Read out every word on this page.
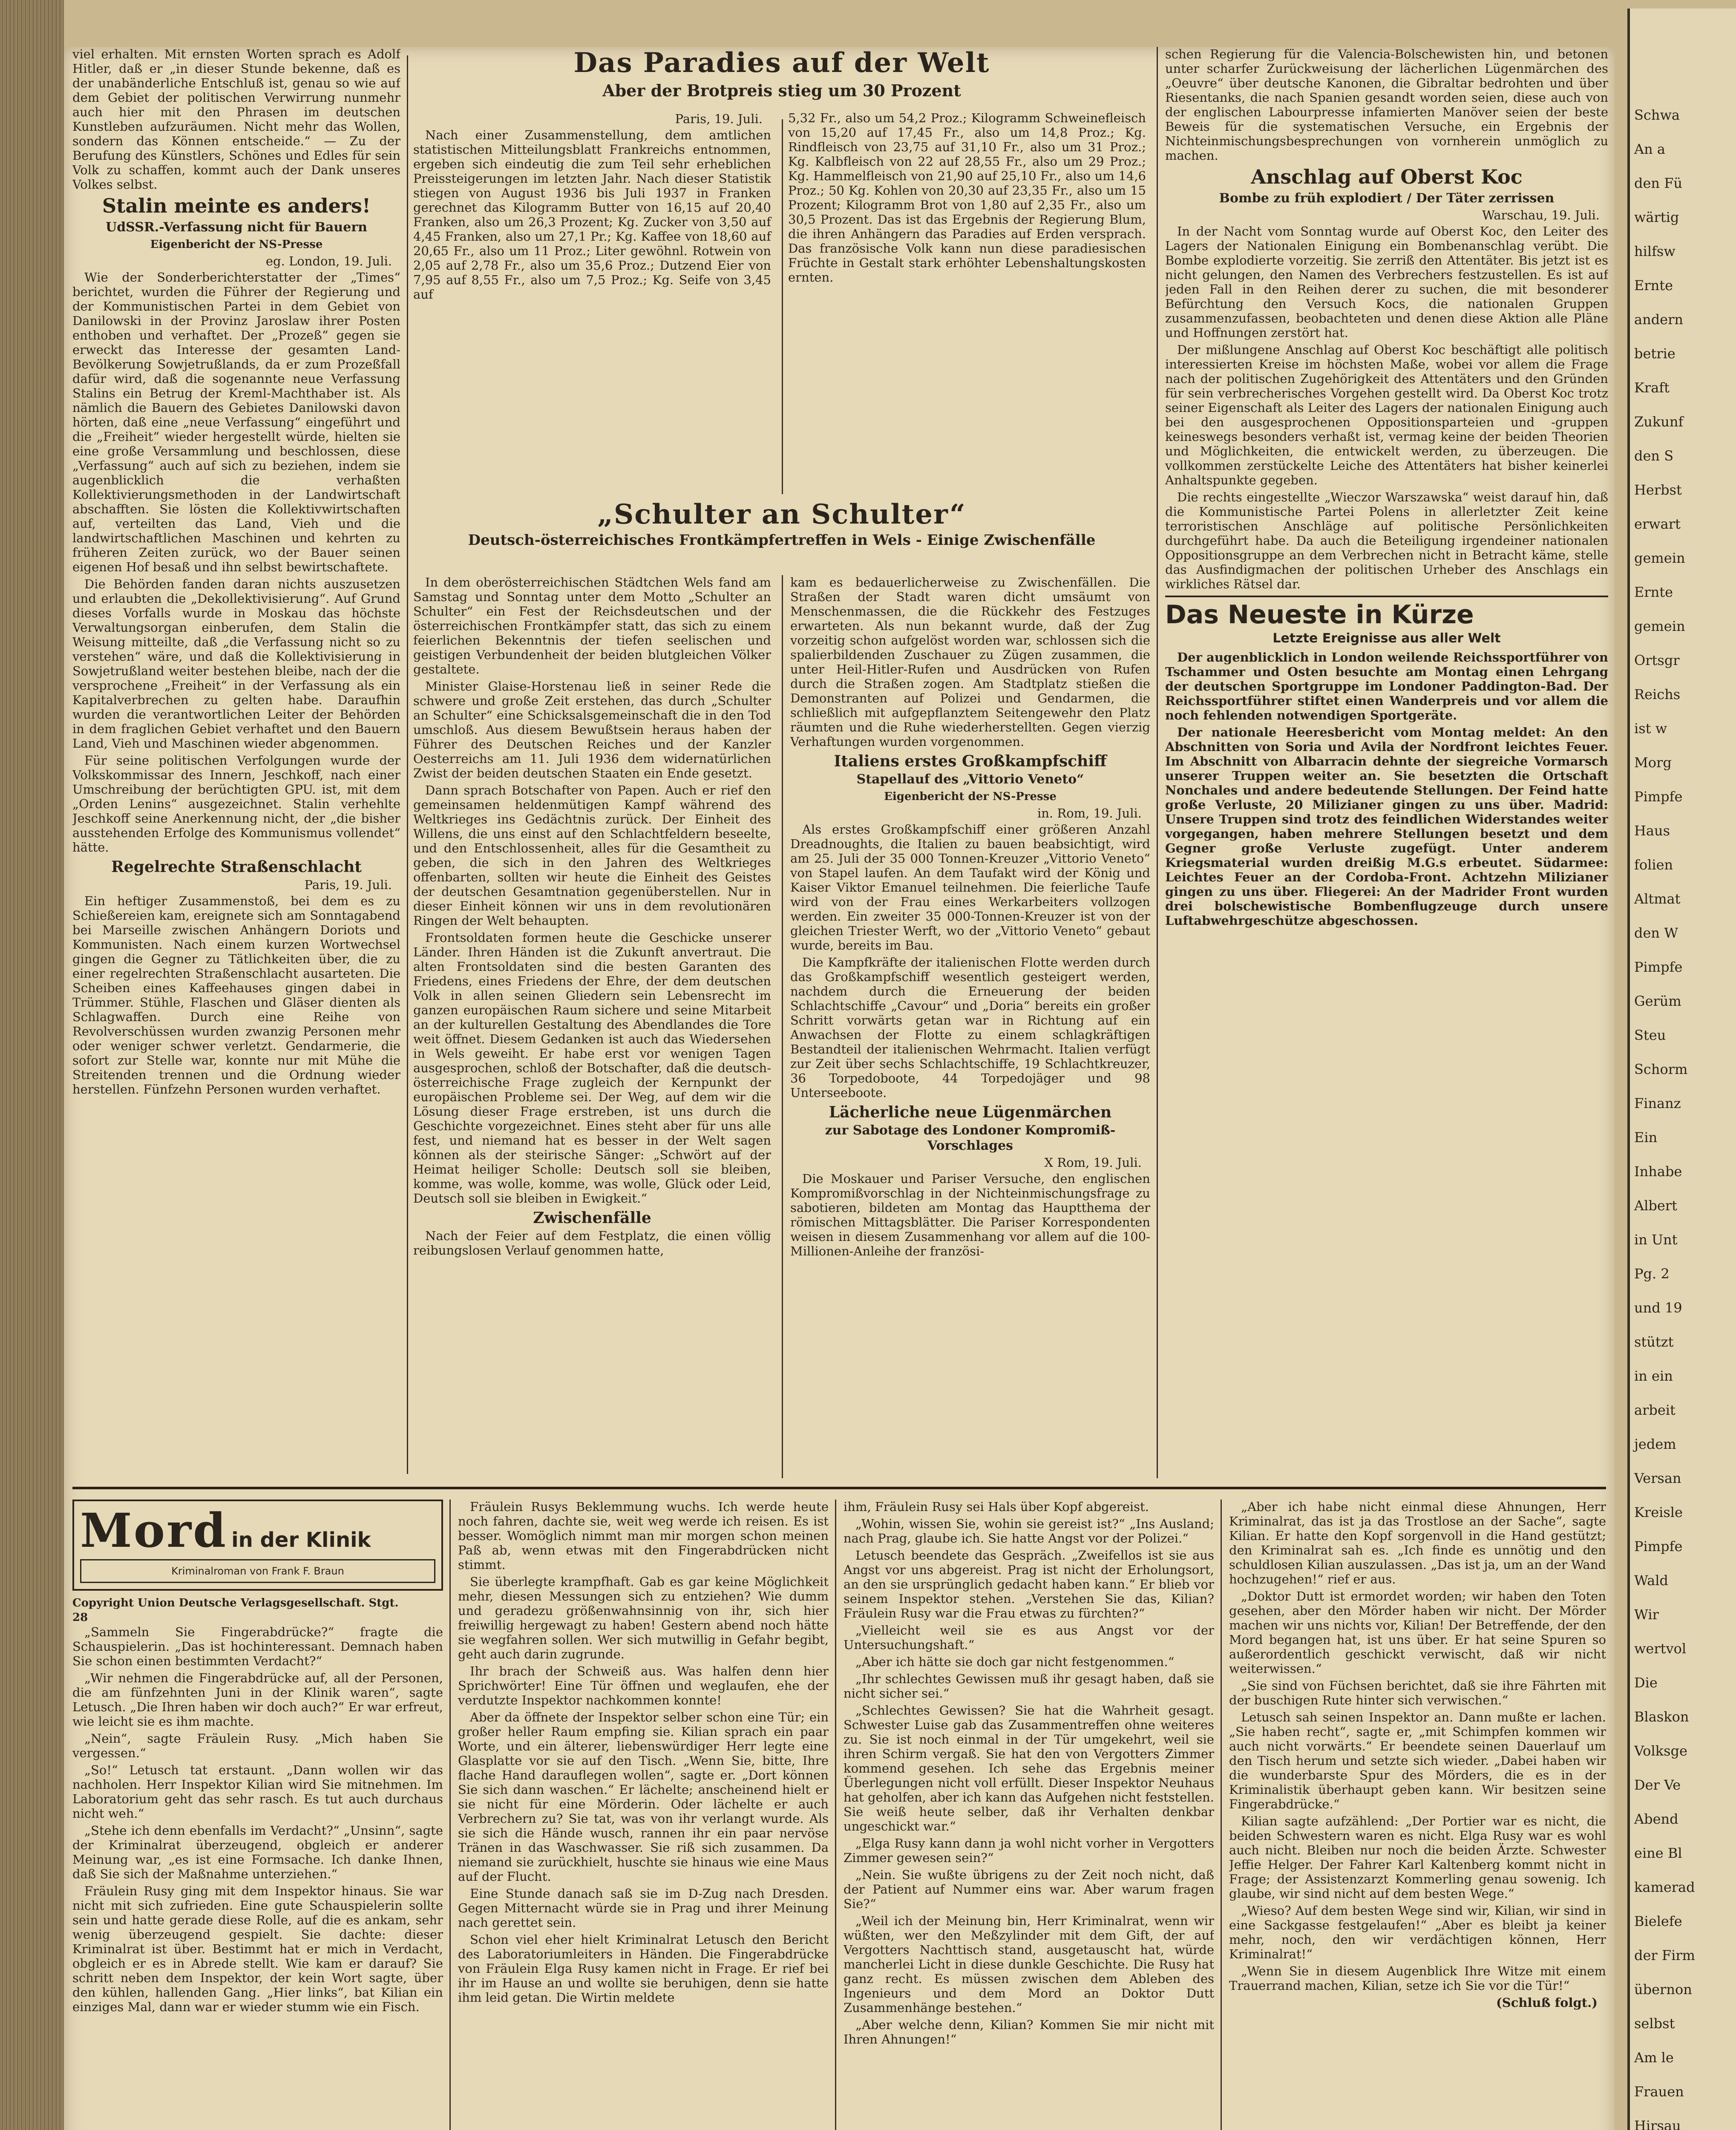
viel erhalten. Mit ernsten Worten sprach es Adolf Hitler, daß er „in dieser Stunde bekenne, daß es der unabänderliche Entschluß ist, genau so wie auf dem Gebiet der politischen Verwirrung nunmehr auch hier mit den Phrasen im deutschen Kunstleben aufzuräumen. Nicht mehr das Wollen, sondern das Können entscheide.“ — Zu der Berufung des Künstlers, Schönes und Edles für sein Volk zu schaffen, kommt auch der Dank unseres Volkes selbst.

Stalin meinte es anders!
UdSSR.-Verfassung nicht für Bauern
Eigenbericht der NS-Presse
eg. London, 19. Juli.

Wie der Sonderberichterstatter der „Times“ berichtet, wurden die Führer der Regierung und der Kommunistischen Partei in dem Gebiet von Danilowski in der Provinz Jaroslaw ihrer Posten enthoben und verhaftet. Der „Prozeß“ gegen sie erweckt das Interesse der gesamten Land-Bevölkerung Sowjetrußlands, da er zum Prozeßfall dafür wird, daß die sogenannte neue Verfassung Stalins ein Betrug der Kreml-Machthaber ist. Als nämlich die Bauern des Gebietes Danilowski davon hörten, daß eine „neue Verfassung“ eingeführt und die „Freiheit“ wieder hergestellt würde, hielten sie eine große Versammlung und beschlossen, diese „Verfassung“ auch auf sich zu beziehen, indem sie augenblicklich die verhaßten Kollektivierungsmethoden in der Landwirtschaft abschafften. Sie lösten die Kollektivwirtschaften auf, verteilten das Land, Vieh und die landwirtschaftlichen Maschinen und kehrten zu früheren Zeiten zurück, wo der Bauer seinen eigenen Hof besaß und ihn selbst bewirtschaftete.

Die Behörden fanden daran nichts auszusetzen und erlaubten die „Dekollektivisierung“. Auf Grund dieses Vorfalls wurde in Moskau das höchste Verwaltungsorgan einberufen, dem Stalin die Weisung mitteilte, daß „die Verfassung nicht so zu verstehen“ wäre, und daß die Kollektivisierung in Sowjetrußland weiter bestehen bleibe, nach der die versprochene „Freiheit“ in der Verfassung als ein Kapitalverbrechen zu gelten habe. Daraufhin wurden die verantwortlichen Leiter der Behörden in dem fraglichen Gebiet verhaftet und den Bauern Land, Vieh und Maschinen wieder abgenommen.

Für seine politischen Verfolgungen wurde der Volkskommissar des Innern, Jeschkoff, nach einer Umschreibung der berüchtigten GPU. ist, mit dem „Orden Lenins“ ausgezeichnet. Stalin verhehlte Jeschkoff seine Anerkennung nicht, der „die bisher ausstehenden Erfolge des Kommunismus vollendet“ hätte.

Regelrechte Straßenschlacht
Paris, 19. Juli.

Ein heftiger Zusammenstoß, bei dem es zu Schießereien kam, ereignete sich am Sonntagabend bei Marseille zwischen Anhängern Doriots und Kommunisten. Nach einem kurzen Wortwechsel gingen die Gegner zu Tätlichkeiten über, die zu einer regelrechten Straßenschlacht ausarteten. Die Scheiben eines Kaffeehauses gingen dabei in Trümmer. Stühle, Flaschen und Gläser dienten als Schlagwaffen. Durch eine Reihe von Revolverschüssen wurden zwanzig Personen mehr oder weniger schwer verletzt. Gendarmerie, die sofort zur Stelle war, konnte nur mit Mühe die Streitenden trennen und die Ordnung wieder herstellen. Fünfzehn Personen wurden verhaftet.

Das Paradies auf der Welt
Aber der Brotpreis stieg um 30 Prozent
Paris, 19. Juli.

Nach einer Zusammenstellung, dem amtlichen statistischen Mitteilungsblatt Frankreichs entnommen, ergeben sich eindeutig die zum Teil sehr erheblichen Preissteigerungen im letzten Jahr. Nach dieser Statistik stiegen von August 1936 bis Juli 1937 in Franken gerechnet das Kilogramm Butter von 16,15 auf 20,40 Franken, also um 26,3 Prozent; Kg. Zucker von 3,50 auf 4,45 Franken, also um 27,1 Pr.; Kg. Kaffee von 18,60 auf 20,65 Fr., also um 11 Proz.; Liter gewöhnl. Rotwein von 2,05 auf 2,78 Fr., also um 35,6 Proz.; Dutzend Eier von 7,95 auf 8,55 Fr., also um 7,5 Proz.; Kg. Seife von 3,45 auf

5,32 Fr., also um 54,2 Proz.; Kilogramm Schweinefleisch von 15,20 auf 17,45 Fr., also um 14,8 Proz.; Kg. Rindfleisch von 23,75 auf 31,10 Fr., also um 31 Proz.; Kg. Kalbfleisch von 22 auf 28,55 Fr., also um 29 Proz.; Kg. Hammelfleisch von 21,90 auf 25,10 Fr., also um 14,6 Proz.; 50 Kg. Kohlen von 20,30 auf 23,35 Fr., also um 15 Prozent; Kilogramm Brot von 1,80 auf 2,35 Fr., also um 30,5 Prozent. Das ist das Ergebnis der Regierung Blum, die ihren Anhängern das Paradies auf Erden versprach. Das französische Volk kann nun diese paradiesischen Früchte in Gestalt stark erhöhter Lebenshaltungskosten ernten.

„Schulter an Schulter“
Deutsch-österreichisches Frontkämpfertreffen in Wels - Einige Zwischenfälle

In dem oberösterreichischen Städtchen Wels fand am Samstag und Sonntag unter dem Motto „Schulter an Schulter“ ein Fest der Reichsdeutschen und der österreichischen Frontkämpfer statt, das sich zu einem feierlichen Bekenntnis der tiefen seelischen und geistigen Verbundenheit der beiden blutgleichen Völker gestaltete.

Minister Glaise-Horstenau ließ in seiner Rede die schwere und große Zeit erstehen, das durch „Schulter an Schulter“ eine Schicksalsgemeinschaft die in den Tod umschloß. Aus diesem Bewußtsein heraus haben der Führer des Deutschen Reiches und der Kanzler Oesterreichs am 11. Juli 1936 dem widernatürlichen Zwist der beiden deutschen Staaten ein Ende gesetzt.

Dann sprach Botschafter von Papen. Auch er rief den gemeinsamen heldenmütigen Kampf während des Weltkrieges ins Gedächtnis zurück. Der Einheit des Willens, die uns einst auf den Schlachtfeldern beseelte, und den Entschlossenheit, alles für die Gesamtheit zu geben, die sich in den Jahren des Weltkrieges offenbarten, sollten wir heute die Einheit des Geistes der deutschen Gesamtnation gegenüberstellen. Nur in dieser Einheit können wir uns in dem revolutionären Ringen der Welt behaupten.

Frontsoldaten formen heute die Geschicke unserer Länder. Ihren Händen ist die Zukunft anvertraut. Die alten Frontsoldaten sind die besten Garanten des Friedens, eines Friedens der Ehre, der dem deutschen Volk in allen seinen Gliedern sein Lebensrecht im ganzen europäischen Raum sichere und seine Mitarbeit an der kulturellen Gestaltung des Abendlandes die Tore weit öffnet. Diesem Gedanken ist auch das Wiedersehen in Wels geweiht. Er habe erst vor wenigen Tagen ausgesprochen, schloß der Botschafter, daß die deutsch-österreichische Frage zugleich der Kernpunkt der europäischen Probleme sei. Der Weg, auf dem wir die Lösung dieser Frage erstreben, ist uns durch die Geschichte vorgezeichnet. Eines steht aber für uns alle fest, und niemand hat es besser in der Welt sagen können als der steirische Sänger: „Schwört auf der Heimat heiliger Scholle: Deutsch soll sie bleiben, komme, was wolle, komme, was wolle, Glück oder Leid, Deutsch soll sie bleiben in Ewigkeit.“

Zwischenfälle

Nach der Feier auf dem Festplatz, die einen völlig reibungslosen Verlauf genommen hatte,

kam es bedauerlicherweise zu Zwischenfällen. Die Straßen der Stadt waren dicht umsäumt von Menschenmassen, die die Rückkehr des Festzuges erwarteten. Als nun bekannt wurde, daß der Zug vorzeitig schon aufgelöst worden war, schlossen sich die spalierbildenden Zuschauer zu Zügen zusammen, die unter Heil-Hitler-Rufen und Ausdrücken von Rufen durch die Straßen zogen. Am Stadtplatz stießen die Demonstranten auf Polizei und Gendarmen, die schließlich mit aufgepflanztem Seitengewehr den Platz räumten und die Ruhe wiederherstellten. Gegen vierzig Verhaftungen wurden vorgenommen.

Italiens erstes Großkampfschiff
Stapellauf des „Vittorio Veneto“
Eigenbericht der NS-Presse
in. Rom, 19. Juli.

Als erstes Großkampfschiff einer größeren Anzahl Dreadnoughts, die Italien zu bauen beabsichtigt, wird am 25. Juli der 35 000 Tonnen-Kreuzer „Vittorio Veneto“ von Stapel laufen. An dem Taufakt wird der König und Kaiser Viktor Emanuel teilnehmen. Die feierliche Taufe wird von der Frau eines Werkarbeiters vollzogen werden. Ein zweiter 35 000-Tonnen-Kreuzer ist von der gleichen Triester Werft, wo der „Vittorio Veneto“ gebaut wurde, bereits im Bau.

Die Kampfkräfte der italienischen Flotte werden durch das Großkampfschiff wesentlich gesteigert werden, nachdem durch die Erneuerung der beiden Schlachtschiffe „Cavour“ und „Doria“ bereits ein großer Schritt vorwärts getan war in Richtung auf ein Anwachsen der Flotte zu einem schlagkräftigen Bestandteil der italienischen Wehrmacht. Italien verfügt zur Zeit über sechs Schlachtschiffe, 19 Schlachtkreuzer, 36 Torpedoboote, 44 Torpedojäger und 98 Unterseeboote.

Lächerliche neue Lügenmärchen
zur Sabotage des Londoner Kompromiß-Vorschlages
X Rom, 19. Juli.

Die Moskauer und Pariser Versuche, den englischen Kompromißvorschlag in der Nichteinmischungsfrage zu sabotieren, bildeten am Montag das Hauptthema der römischen Mittagsblätter. Die Pariser Korrespondenten weisen in diesem Zusammenhang vor allem auf die 100-Millionen-Anleihe der französi-

schen Regierung für die Valencia-Bolschewisten hin, und betonen unter scharfer Zurückweisung der lächerlichen Lügenmärchen des „Oeuvre“ über deutsche Kanonen, die Gibraltar bedrohten und über Riesentanks, die nach Spanien gesandt worden seien, diese auch von der englischen Labourpresse infamierten Manöver seien der beste Beweis für die systematischen Versuche, ein Ergebnis der Nichteinmischungsbesprechungen von vornherein unmöglich zu machen.

Anschlag auf Oberst Koc
Bombe zu früh explodiert / Der Täter zerrissen
Warschau, 19. Juli.

In der Nacht vom Sonntag wurde auf Oberst Koc, den Leiter des Lagers der Nationalen Einigung ein Bombenanschlag verübt. Die Bombe explodierte vorzeitig. Sie zerriß den Attentäter. Bis jetzt ist es nicht gelungen, den Namen des Verbrechers festzustellen. Es ist auf jeden Fall in den Reihen derer zu suchen, die mit besonderer Befürchtung den Versuch Kocs, die nationalen Gruppen zusammenzufassen, beobachteten und denen diese Aktion alle Pläne und Hoffnungen zerstört hat.

Der mißlungene Anschlag auf Oberst Koc beschäftigt alle politisch interessierten Kreise im höchsten Maße, wobei vor allem die Frage nach der politischen Zugehörigkeit des Attentäters und den Gründen für sein verbrecherisches Vorgehen gestellt wird. Da Oberst Koc trotz seiner Eigenschaft als Leiter des Lagers der nationalen Einigung auch bei den ausgesprochenen Oppositionsparteien und -gruppen keineswegs besonders verhaßt ist, vermag keine der beiden Theorien und Möglichkeiten, die entwickelt werden, zu überzeugen. Die vollkommen zerstückelte Leiche des Attentäters hat bisher keinerlei Anhaltspunkte gegeben.

Die rechts eingestellte „Wieczor Warszawska“ weist darauf hin, daß die Kommunistische Partei Polens in allerletzter Zeit keine terroristischen Anschläge auf politische Persönlichkeiten durchgeführt habe. Da auch die Beteiligung irgendeiner nationalen Oppositionsgruppe an dem Verbrechen nicht in Betracht käme, stelle das Ausfindigmachen der politischen Urheber des Anschlags ein wirkliches Rätsel dar.

Das Neueste in Kürze
Letzte Ereignisse aus aller Welt

Der augenblicklich in London weilende Reichssportführer von Tschammer und Osten besuchte am Montag einen Lehrgang der deutschen Sportgruppe im Londoner Paddington-Bad. Der Reichssportführer stiftet einen Wanderpreis und vor allem die noch fehlenden notwendigen Sportgeräte.

Der nationale Heeresbericht vom Montag meldet: An den Abschnitten von Soria und Avila der Nordfront leichtes Feuer. Im Abschnitt von Albarracin dehnte der siegreiche Vormarsch unserer Truppen weiter an. Sie besetzten die Ortschaft Nonchales und andere bedeutende Stellungen. Der Feind hatte große Verluste, 20 Milizianer gingen zu uns über. Madrid: Unsere Truppen sind trotz des feindlichen Widerstandes weiter vorgegangen, haben mehrere Stellungen besetzt und dem Gegner große Verluste zugefügt. Unter anderem Kriegsmaterial wurden dreißig M.G.s erbeutet. Südarmee: Leichtes Feuer an der Cordoba-Front. Achtzehn Milizianer gingen zu uns über. Fliegerei: An der Madrider Front wurden drei bolschewistische Bombenflugzeuge durch unsere Luftabwehrgeschütze abgeschossen.

Mord in der Klinik
Kriminalroman von Frank F. Braun
Copyright Union Deutsche Verlagsgesellschaft. Stgt.
28

„Sammeln Sie Fingerabdrücke?“ fragte die Schauspielerin. „Das ist hochinteressant. Demnach haben Sie schon einen bestimmten Verdacht?“

„Wir nehmen die Fingerabdrücke auf, all der Personen, die am fünfzehnten Juni in der Klinik waren“, sagte Letusch. „Die Ihren haben wir doch auch?“ Er war erfreut, wie leicht sie es ihm machte.

„Nein“, sagte Fräulein Rusy. „Mich haben Sie vergessen.“

„So!“ Letusch tat erstaunt. „Dann wollen wir das nachholen. Herr Inspektor Kilian wird Sie mitnehmen. Im Laboratorium geht das sehr rasch. Es tut auch durchaus nicht weh.“

„Stehe ich denn ebenfalls im Verdacht?“ „Unsinn“, sagte der Kriminalrat überzeugend, obgleich er anderer Meinung war, „es ist eine Formsache. Ich danke Ihnen, daß Sie sich der Maßnahme unterziehen.“

Fräulein Rusy ging mit dem Inspektor hinaus. Sie war nicht mit sich zufrieden. Eine gute Schauspielerin sollte sein und hatte gerade diese Rolle, auf die es ankam, sehr wenig überzeugend gespielt. Sie dachte: dieser Kriminalrat ist über. Bestimmt hat er mich in Verdacht, obgleich er es in Abrede stellt. Wie kam er darauf? Sie schritt neben dem Inspektor, der kein Wort sagte, über den kühlen, hallenden Gang. „Hier links“, bat Kilian ein einziges Mal, dann war er wieder stumm wie ein Fisch.

Fräulein Rusys Beklemmung wuchs. Ich werde heute noch fahren, dachte sie, weit weg werde ich reisen. Es ist besser. Womöglich nimmt man mir morgen schon meinen Paß ab, wenn etwas mit den Fingerabdrücken nicht stimmt.

Sie überlegte krampfhaft. Gab es gar keine Möglichkeit mehr, diesen Messungen sich zu entziehen? Wie dumm und geradezu größenwahnsinnig von ihr, sich hier freiwillig hergewagt zu haben! Gestern abend noch hätte sie wegfahren sollen. Wer sich mutwillig in Gefahr begibt, geht auch darin zugrunde.

Ihr brach der Schweiß aus. Was halfen denn hier Sprichwörter! Eine Tür öffnen und weglaufen, ehe der verdutzte Inspektor nachkommen konnte!

Aber da öffnete der Inspektor selber schon eine Tür; ein großer heller Raum empfing sie. Kilian sprach ein paar Worte, und ein älterer, liebenswürdiger Herr legte eine Glasplatte vor sie auf den Tisch. „Wenn Sie, bitte, Ihre flache Hand darauflegen wollen“, sagte er. „Dort können Sie sich dann waschen.“ Er lächelte; anscheinend hielt er sie nicht für eine Mörderin. Oder lächelte er auch Verbrechern zu? Sie tat, was von ihr verlangt wurde. Als sie sich die Hände wusch, rannen ihr ein paar nervöse Tränen in das Waschwasser. Sie riß sich zusammen. Da niemand sie zurückhielt, huschte sie hinaus wie eine Maus auf der Flucht.

Eine Stunde danach saß sie im D-Zug nach Dresden. Gegen Mitternacht würde sie in Prag und ihrer Meinung nach gerettet sein.

Schon viel eher hielt Kriminalrat Letusch den Bericht des Laboratoriumleiters in Händen. Die Fingerabdrücke von Fräulein Elga Rusy kamen nicht in Frage. Er rief bei ihr im Hause an und wollte sie beruhigen, denn sie hatte ihm leid getan. Die Wirtin meldete

ihm, Fräulein Rusy sei Hals über Kopf abgereist.

„Wohin, wissen Sie, wohin sie gereist ist?“ „Ins Ausland; nach Prag, glaube ich. Sie hatte Angst vor der Polizei.“

Letusch beendete das Gespräch. „Zweifellos ist sie aus Angst vor uns abgereist. Prag ist nicht der Erholungsort, an den sie ursprünglich gedacht haben kann.“ Er blieb vor seinem Inspektor stehen. „Verstehen Sie das, Kilian? Fräulein Rusy war die Frau etwas zu fürchten?“

„Vielleicht weil sie es aus Angst vor der Untersuchungshaft.“

„Aber ich hätte sie doch gar nicht festgenommen.“

„Ihr schlechtes Gewissen muß ihr gesagt haben, daß sie nicht sicher sei.“

„Schlechtes Gewissen? Sie hat die Wahrheit gesagt. Schwester Luise gab das Zusammentreffen ohne weiteres zu. Sie ist noch einmal in der Tür umgekehrt, weil sie ihren Schirm vergaß. Sie hat den von Vergotters Zimmer kommend gesehen. Ich sehe das Ergebnis meiner Überlegungen nicht voll erfüllt. Dieser Inspektor Neuhaus hat geholfen, aber ich kann das Aufgehen nicht feststellen. Sie weiß heute selber, daß ihr Verhalten denkbar ungeschickt war.“

„Elga Rusy kann dann ja wohl nicht vorher in Vergotters Zimmer gewesen sein?“

„Nein. Sie wußte übrigens zu der Zeit noch nicht, daß der Patient auf Nummer eins war. Aber warum fragen Sie?“

„Weil ich der Meinung bin, Herr Kriminalrat, wenn wir wüßten, wer den Meßzylinder mit dem Gift, der auf Vergotters Nachttisch stand, ausgetauscht hat, würde mancherlei Licht in diese dunkle Geschichte. Die Rusy hat ganz recht. Es müssen zwischen dem Ableben des Ingenieurs und dem Mord an Doktor Dutt Zusammenhänge bestehen.“

„Aber welche denn, Kilian? Kommen Sie mir nicht mit Ihren Ahnungen!“

„Aber ich habe nicht einmal diese Ahnungen, Herr Kriminalrat, das ist ja das Trostlose an der Sache“, sagte Kilian. Er hatte den Kopf sorgenvoll in die Hand gestützt; den Kriminalrat sah es. „Ich finde es unnötig und den schuldlosen Kilian auszulassen. „Das ist ja, um an der Wand hochzugehen!“ rief er aus.

„Doktor Dutt ist ermordet worden; wir haben den Toten gesehen, aber den Mörder haben wir nicht. Der Mörder machen wir uns nichts vor, Kilian! Der Betreffende, der den Mord begangen hat, ist uns über. Er hat seine Spuren so außerordentlich geschickt verwischt, daß wir nicht weiterwissen.“

„Sie sind von Füchsen berichtet, daß sie ihre Fährten mit der buschigen Rute hinter sich verwischen.“

Letusch sah seinen Inspektor an. Dann mußte er lachen. „Sie haben recht“, sagte er, „mit Schimpfen kommen wir auch nicht vorwärts.“ Er beendete seinen Dauerlauf um den Tisch herum und setzte sich wieder. „Dabei haben wir die wunderbarste Spur des Mörders, die es in der Kriminalistik überhaupt geben kann. Wir besitzen seine Fingerabdrücke.“

Kilian sagte aufzählend: „Der Portier war es nicht, die beiden Schwestern waren es nicht. Elga Rusy war es wohl auch nicht. Bleiben nur noch die beiden Ärzte. Schwester Jeffie Helger. Der Fahrer Karl Kaltenberg kommt nicht in Frage; der Assistenzarzt Kommerling genau sowenig. Ich glaube, wir sind nicht auf dem besten Wege.“

„Wieso? Auf dem besten Wege sind wir, Kilian, wir sind in eine Sackgasse festgelaufen!“ „Aber es bleibt ja keiner mehr, noch, den wir verdächtigen können, Herr Kriminalrat!“

„Wenn Sie in diesem Augenblick Ihre Witze mit einem Trauerrand machen, Kilian, setze ich Sie vor die Tür!“

(Schluß folgt.)
Schwa
An a
den Fü
wärtig
hilfsw
Ernte
andern
betrie
Kraft
Zukunf
den S
Herbst
erwart
gemein
Ernte
gemein
Ortsgr
Reichs
ist w
Morg
Pimpfe
Haus
folien
Altmat
den W
Pimpfe
Gerüm
Steu
Schorm
Finanz
Ein
Inhabe
Albert
in Unt
Pg. 2
und 19
stützt
in ein
arbeit
jedem
Versan
Kreisle
Pimpfe
Wald
Wir
wertvol
Die
Blaskon
Volksge
Der Ve
Abend
eine Bl
kamerad
Bielefe
der Firm
übernon
selbst
Am le
Frauen
Hirsau
